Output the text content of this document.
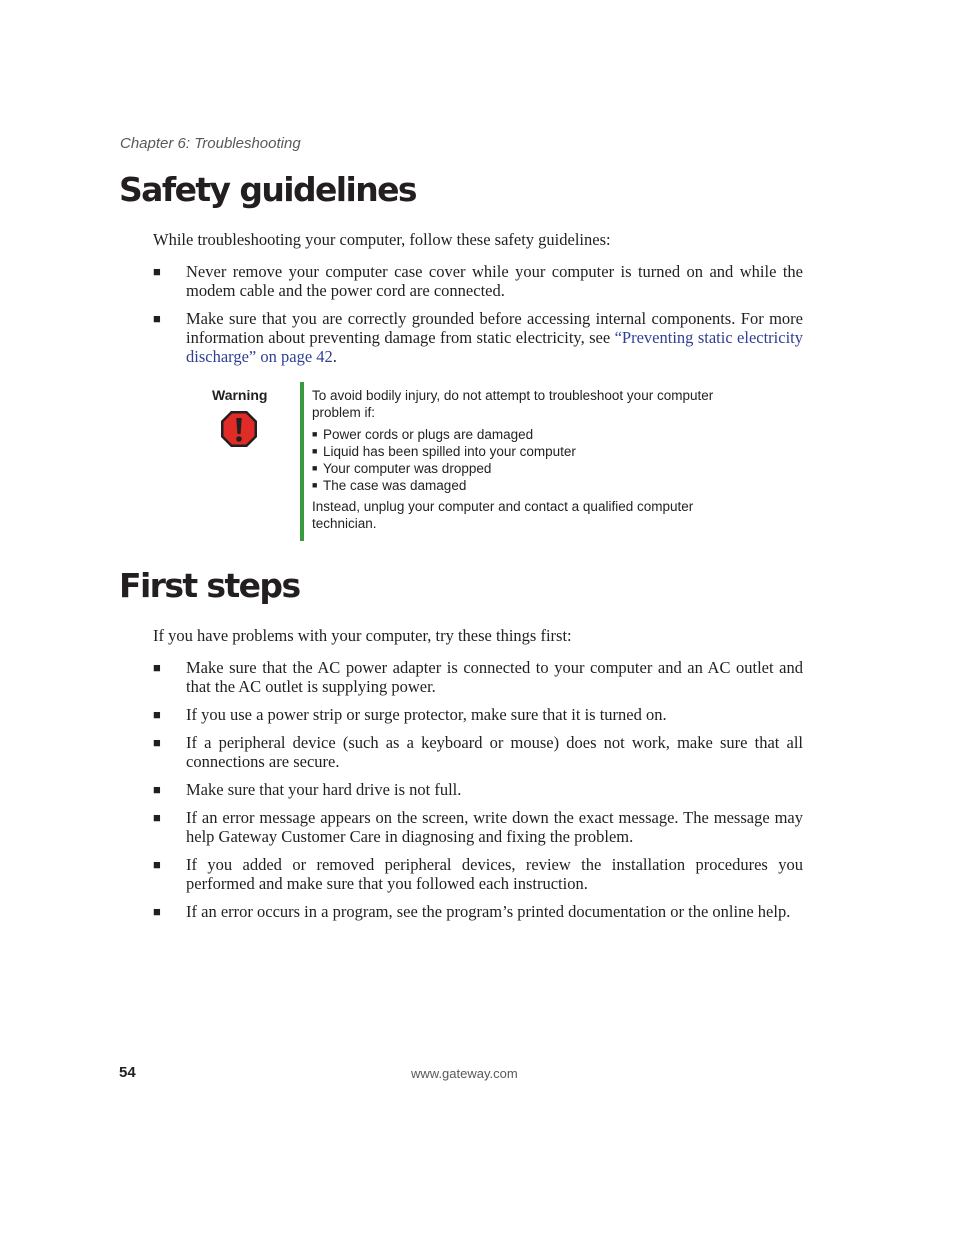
Chapter 6: Troubleshooting

Safety guidelines

While troubleshooting your computer, follow these safety guidelines:

■ Never remove your computer case cover while your computer is turned on and while the modem cable and the power cord are connected.
■ Make sure that you are correctly grounded before accessing internal components. For more information about preventing damage from static electricity, see “Preventing static electricity discharge” on page 42.
Warning	To avoid bodily injury, do not attempt to troubleshoot your computer problem if:

■ Power cords or plugs are damaged
■ Liquid has been spilled into your computer
■ Your computer was dropped
■ The case was damaged

Instead, unplug your computer and contact a qualified computer technician.

First steps

If you have problems with your computer, try these things first:

■ Make sure that the AC power adapter is connected to your computer and an AC outlet and that the AC outlet is supplying power.
■ If you use a power strip or surge protector, make sure that it is turned on.
■ If a peripheral device (such as a keyboard or mouse) does not work, make sure that all connections are secure.
■ Make sure that your hard drive is not full.
■ If an error message appears on the screen, write down the exact message. The message may help Gateway Customer Care in diagnosing and fixing the problem.
■ If you added or removed peripheral devices, review the installation procedures you performed and make sure that you followed each instruction.
■ If an error occurs in a program, see the program’s printed documentation or the online help.
54	www.gateway.com
